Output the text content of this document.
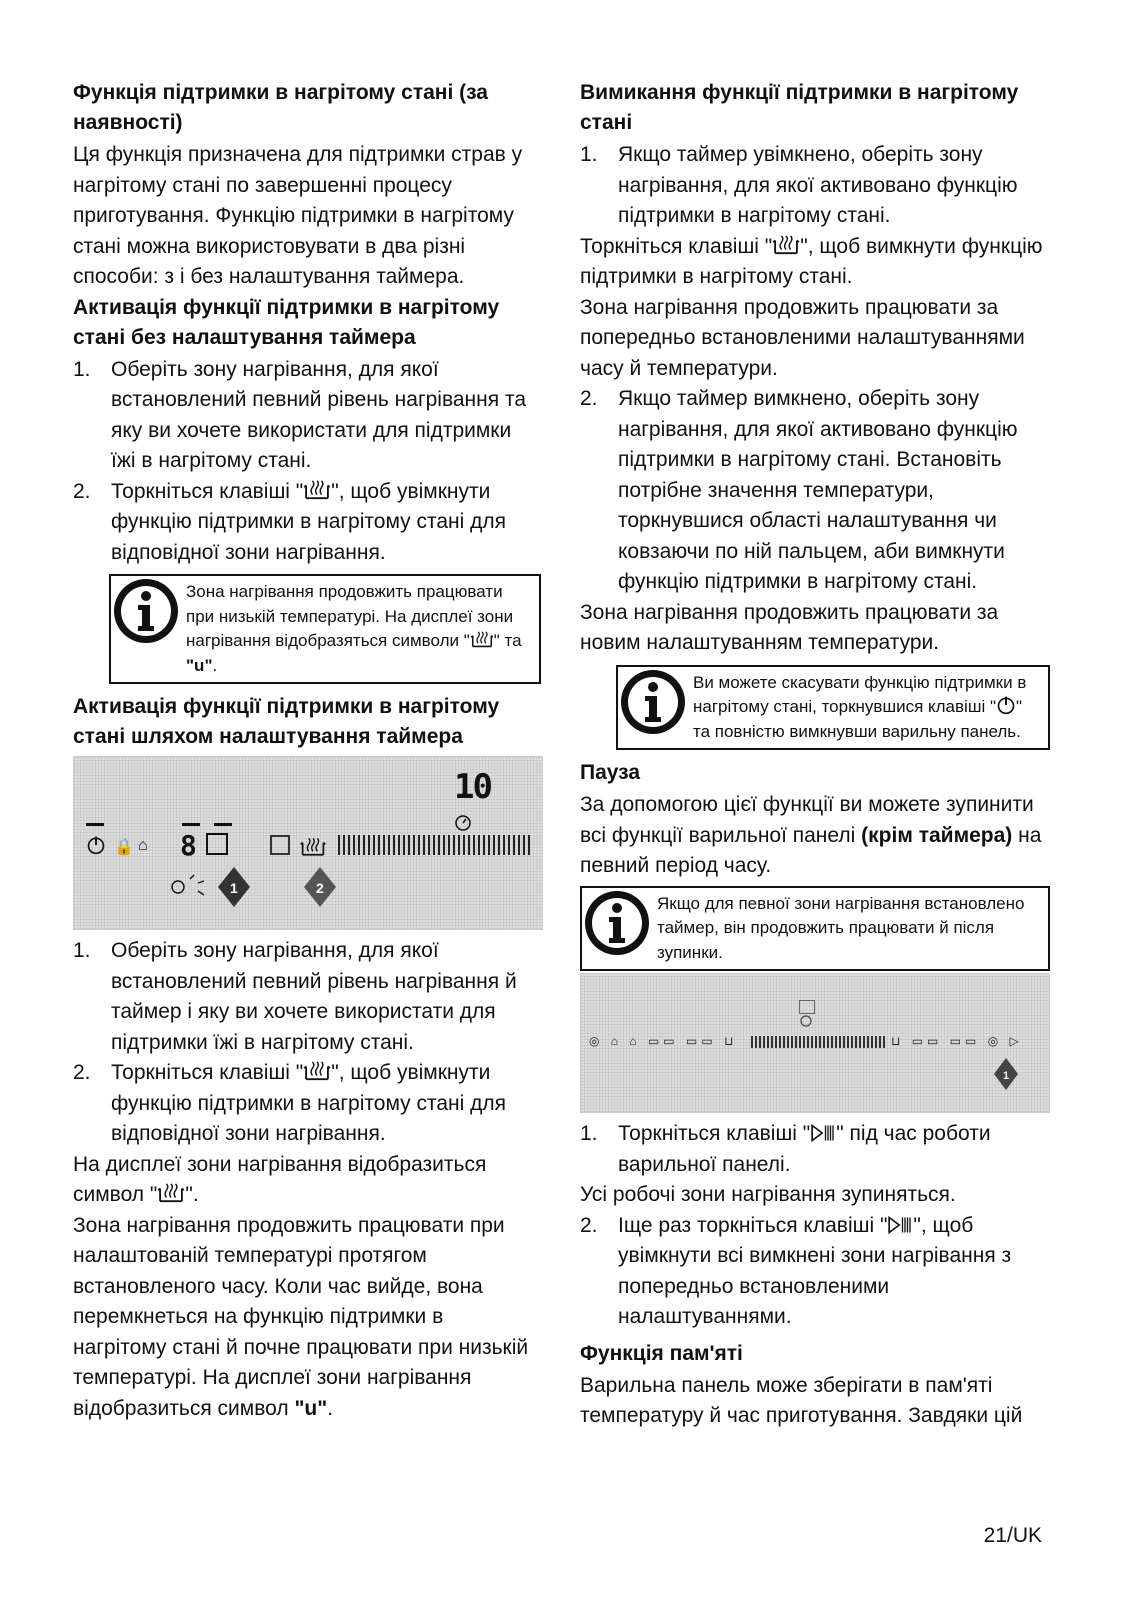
Функція підтримки в нагрітому стані (за наявності)

Ця функція призначена для підтримки страв у нагрітому стані по завершенні процесу приготування. Функцію підтримки в нагрітому стані можна використовувати в два різні способи: з і без налаштування таймера.

Активація функції підтримки в нагрітому стані без налаштування таймера
1. Оберіть зону нагрівання, для якої встановлений певний рівень нагрівання та яку ви хочете використати для підтримки їжі в нагрітому стані.
2. Торкніться клавіші " ", щоб увімкнути функцію підтримки в нагрітому стані для відповідної зони нагрівання.
Зона нагрівання продовжить працювати при низькій температурі. На дисплеї зони нагрівання відобразяться символи " " та "u".
Активація функції підтримки в нагрітому стані шляхом налаштування таймера
10
🔒 ⌂ 8
1	2
1. Оберіть зону нагрівання, для якої встановлений певний рівень нагрівання й таймер і яку ви хочете використати для підтримки їжі в нагрітому стані.
2. Торкніться клавіші " ", щоб увімкнути функцію підтримки в нагрітому стані для відповідної зони нагрівання.

На дисплеї зони нагрівання відобразиться символ " ".

Зона нагрівання продовжить працювати при налаштованій температурі протягом встановленого часу. Коли час вийде, вона перемкнеться на функцію підтримки в нагрітому стані й почне працювати при низькій температурі. На дисплеї зони нагрівання відобразиться символ "u".

Вимикання функції підтримки в нагрітому стані
1. Якщо таймер увімкнено, оберіть зону нагрівання, для якої активовано функцію підтримки в нагрітому стані.

Торкніться клавіші " ", щоб вимкнути функцію підтримки в нагрітому стані.

Зона нагрівання продовжить працювати за попередньо встановленими налаштуваннями часу й температури.

2. Якщо таймер вимкнено, оберіть зону нагрівання, для якої активовано функцію підтримки в нагрітому стані. Встановіть потрібне значення температури, торкнувшися області налаштування чи ковзаючи по ній пальцем, аби вимкнути функцію підтримки в нагрітому стані.

Зона нагрівання продовжить працювати за новим налаштуванням температури.

Ви можете скасувати функцію підтримки в нагрітому стані, торкнувшися клавіші " " та повністю вимкнувши варильну панель.
Пауза

За допомогою цієї функції ви можете зупинити всі функції варильної панелі (крім таймера) на певний період часу.

Якщо для певної зони нагрівання встановлено таймер, він продовжить працювати й після зупинки.
◎ ⌂ ⌂ ▭▭ ▭▭ ⊔	⊔ ▭▭ ▭▭ ◎ ▷
1
1. Торкніться клавіші " " під час роботи варильної панелі.

Усі робочі зони нагрівання зупиняться.

2. Іще раз торкніться клавіші " ", щоб увімкнути всі вимкнені зони нагрівання з попередньо встановленими налаштуваннями.
Функція пам'яті

Варильна панель може зберігати в пам'яті температуру й час приготування. Завдяки цій

21/UK
